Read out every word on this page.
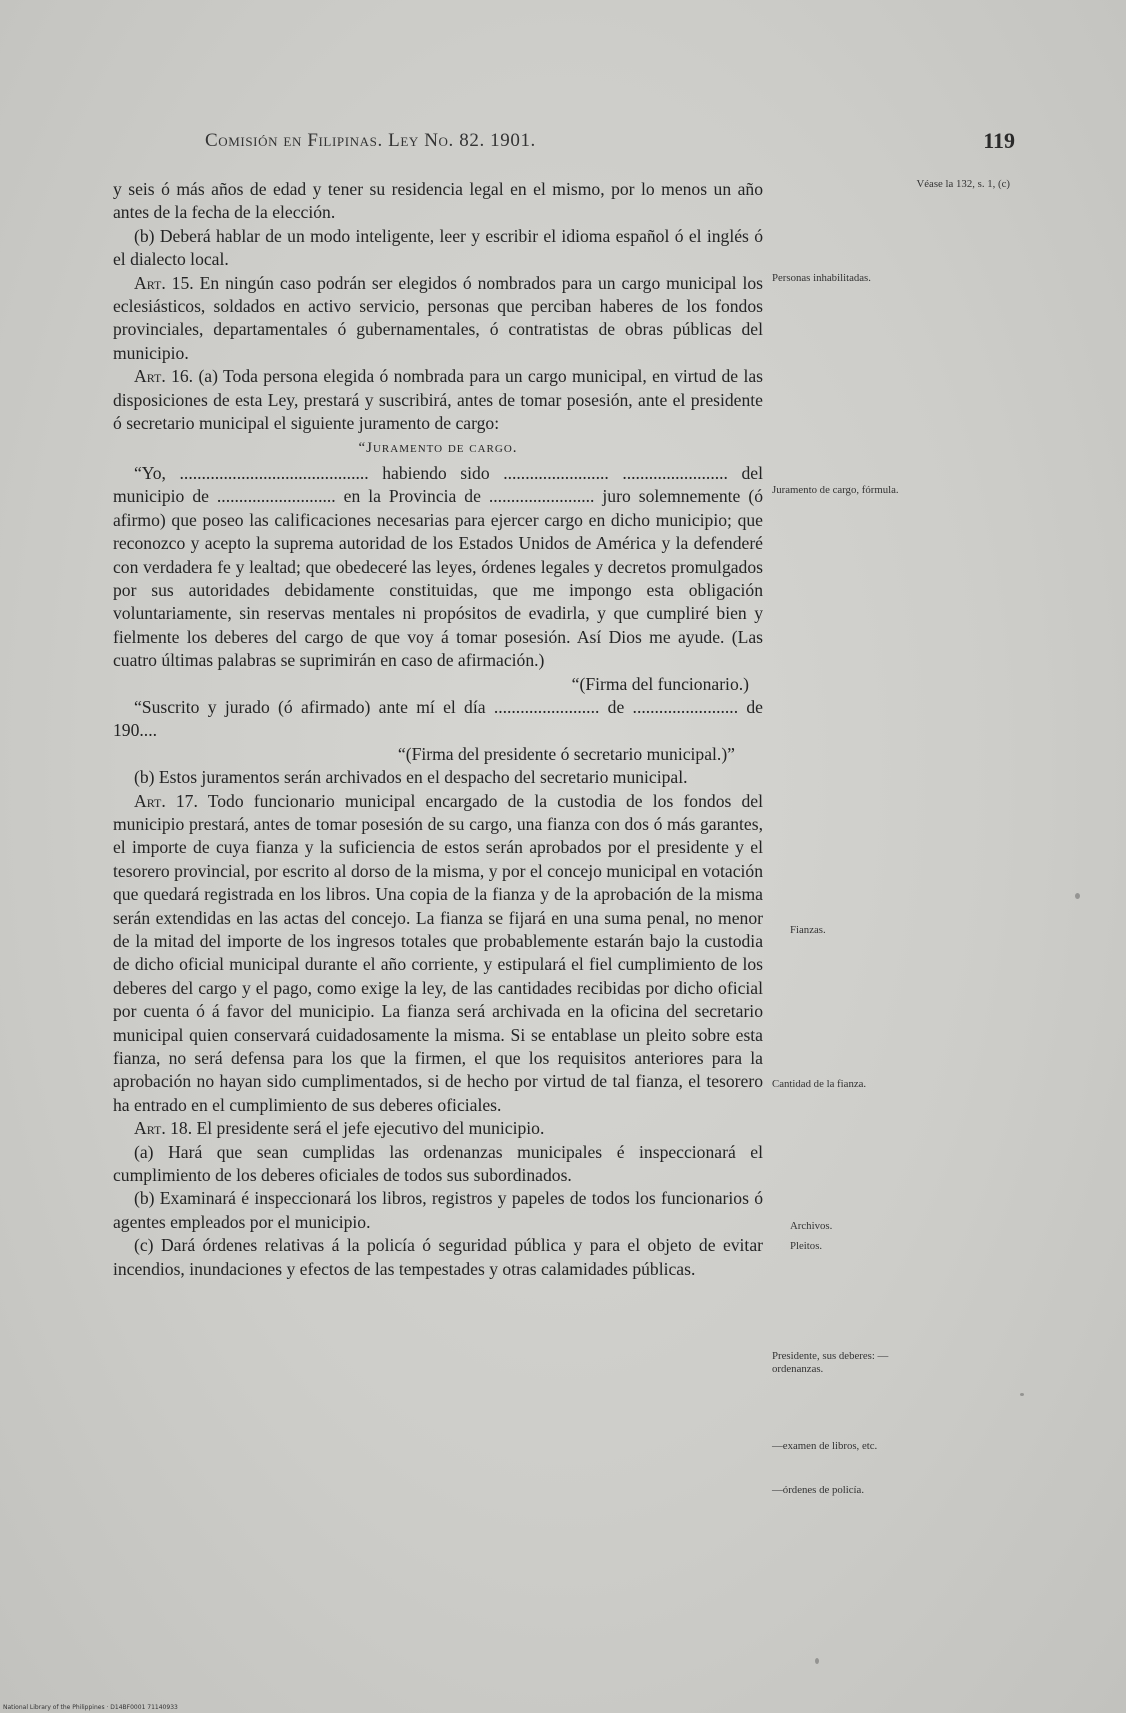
Comisión en Filipinas. Ley No. 82. 1901.	119

y seis ó más años de edad y tener su residencia legal en el mismo, por lo menos un año antes de la fecha de la elección.

(b) Deberá hablar de un modo inteligente, leer y escribir el idioma español ó el inglés ó el dialecto local.

Art. 15. En ningún caso podrán ser elegidos ó nombrados para un cargo municipal los eclesiásticos, soldados en activo servicio, personas que perciban haberes de los fondos provinciales, departamentales ó gubernamentales, ó contratistas de obras públicas del municipio.

Art. 16. (a) Toda persona elegida ó nombrada para un cargo municipal, en virtud de las disposiciones de esta Ley, prestará y suscribirá, antes de tomar posesión, ante el presidente ó secretario municipal el siguiente juramento de cargo:

“Juramento de cargo.

“Yo, ........................................... habiendo sido ........................ ........................ del municipio de ........................... en la Provincia de ........................ juro solemnemente (ó afirmo) que poseo las calificaciones necesarias para ejercer cargo en dicho municipio; que reconozco y acepto la suprema autoridad de los Estados Unidos de América y la defenderé con verdadera fe y lealtad; que obedeceré las leyes, órdenes legales y decretos promulgados por sus autoridades debidamente constituidas, que me impongo esta obligación voluntariamente, sin reservas mentales ni propósitos de evadirla, y que cumpliré bien y fielmente los deberes del cargo de que voy á tomar posesión. Así Dios me ayude. (Las cuatro últimas palabras se suprimirán en caso de afirmación.)

“(Firma del funcionario.)

“Suscrito y jurado (ó afirmado) ante mí el día ........................ de ........................ de 190....

“(Firma del presidente ó secretario municipal.)”

(b) Estos juramentos serán archivados en el despacho del secretario municipal.

Art. 17. Todo funcionario municipal encargado de la custodia de los fondos del municipio prestará, antes de tomar posesión de su cargo, una fianza con dos ó más garantes, el importe de cuya fianza y la suficiencia de estos serán aprobados por el presidente y el tesorero provincial, por escrito al dorso de la misma, y por el concejo municipal en votación que quedará registrada en los libros. Una copia de la fianza y de la aprobación de la misma serán extendidas en las actas del concejo. La fianza se fijará en una suma penal, no menor de la mitad del importe de los ingresos totales que probablemente estarán bajo la custodia de dicho oficial municipal durante el año corriente, y estipulará el fiel cumplimiento de los deberes del cargo y el pago, como exige la ley, de las cantidades recibidas por dicho oficial por cuenta ó á favor del municipio. La fianza será archivada en la oficina del secretario municipal quien conservará cuidadosamente la misma. Si se entablase un pleito sobre esta fianza, no será defensa para los que la firmen, el que los requisitos anteriores para la aprobación no hayan sido cumplimentados, si de hecho por virtud de tal fianza, el tesorero ha entrado en el cumplimiento de sus deberes oficiales.

Art. 18. El presidente será el jefe ejecutivo del municipio.

(a) Hará que sean cumplidas las ordenanzas municipales é inspeccionará el cumplimiento de los deberes oficiales de todos sus subordinados.

(b) Examinará é inspeccionará los libros, registros y papeles de todos los funcionarios ó agentes empleados por el municipio.

(c) Dará órdenes relativas á la policía ó seguridad pública y para el objeto de evitar incendios, inundaciones y efectos de las tempestades y otras calamidades públicas.

Véase la 132, s. 1, (c)
Personas inhabilitadas.
Juramento de cargo, fórmula.
Fianzas.
Cantidad de la fianza.
Archivos.
Pleitos.
Presidente, sus deberes: —ordenanzas.
—examen de libros, etc.
—órdenes de policía.
National Library of the Philippines · D14BF0001 71140933
